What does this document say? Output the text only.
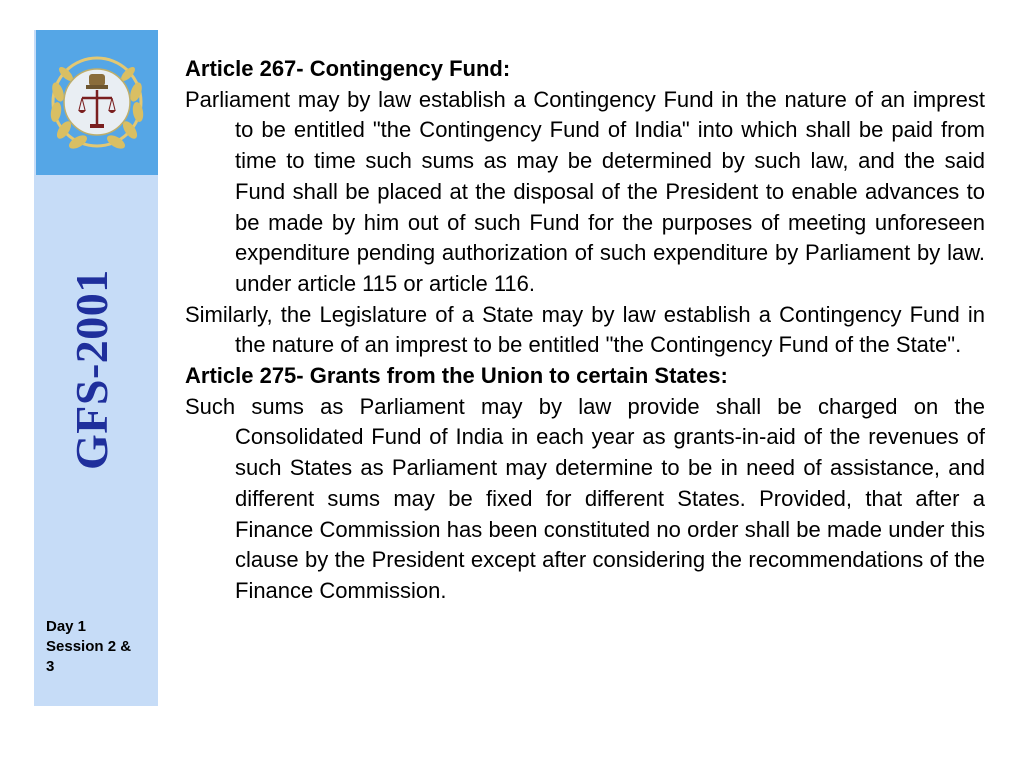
GFS-2001
Day 1
Session 2 &
3

Article 267- Contingency Fund:

Parliament may by law establish a Contingency Fund in the nature of an imprest to be entitled "the Contingency Fund of India" into which shall be paid from time to time such sums as may be determined by such law, and the said Fund shall be placed at the disposal of the President to enable advances to be made by him out of such Fund for the purposes of meeting unforeseen expenditure pending authorization of such expenditure by Parliament by law. under article 115 or article 116.

Similarly, the Legislature of a State may by law establish a Contingency Fund in the nature of an imprest to be entitled "the Contingency Fund of the State".

Article 275- Grants from the Union to certain States:

Such sums as Parliament may by law provide shall be charged on the Consolidated Fund of India in each year as grants-in-aid of the revenues of such States as Parliament may determine to be in need of assistance, and different sums may be fixed for different States. Provided, that after a Finance Commission has been constituted no order shall be made under this clause by the President except after considering the recommendations of the Finance Commission.
